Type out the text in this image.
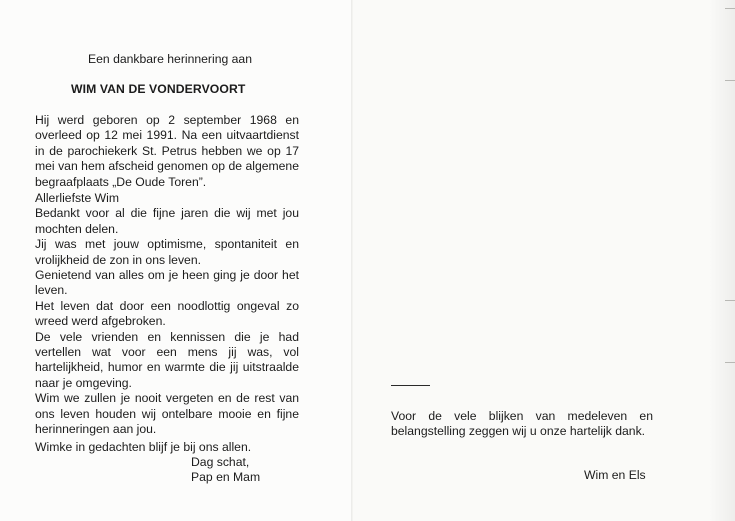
Een dankbare herinnering aan

WIM VAN DE VONDERVOORT

Hij werd geboren op 2 september 1968 en overleed op 12 mei 1991. Na een uitvaartdienst in de parochiekerk St. Petrus hebben we op 17 mei van hem afscheid genomen op de algemene begraafplaats „De Oude Toren”.

Allerliefste Wim
Bedankt voor al die fijne jaren die wij met jou mochten delen.
Jij was met jouw optimisme, spontaniteit en vrolijkheid de zon in ons leven.
Genietend van alles om je heen ging je door het leven.
Het leven dat door een noodlottig ongeval zo wreed werd afgebroken.
De vele vrienden en kennissen die je had vertellen wat voor een mens jij was, vol hartelijkheid, humor en warmte die jij uitstraalde naar je omgeving.
Wim we zullen je nooit vergeten en de rest van ons leven houden wij ontelbare mooie en fijne herinneringen aan jou.

Wimke in gedachten blijf je bij ons allen.

Dag schat,

Pap en Mam

Voor de vele blijken van medeleven en belangstelling zeggen wij u onze hartelijk dank.

Wim en Els
